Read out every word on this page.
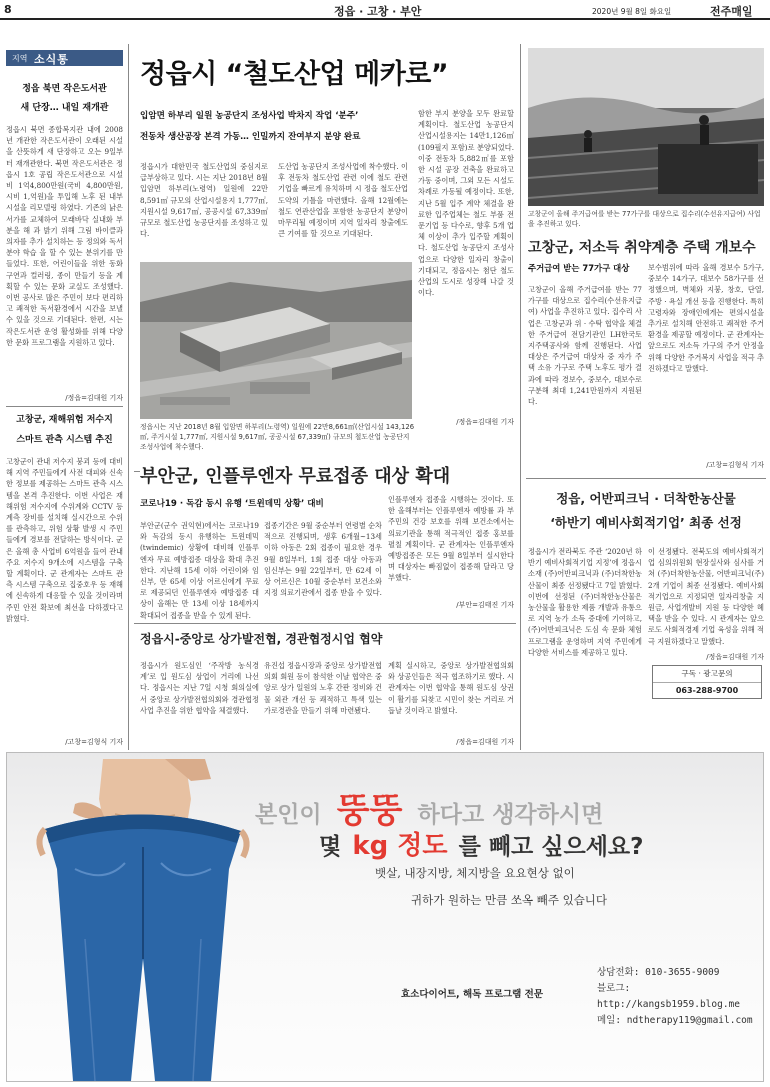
8	정읍 · 고창 · 부안	2020년 9월 8일 화요일	전주매일
지역 소식통
정읍 북면 작은도서관
새 단장… 내일 재개관
정읍시 북면 종합복지관 내에 2008년 개관한 작은도서관이 오래된 시설을 산뜻하게 새 단장하고 오는 9일부터 재개관한다. 북면 작은도서관은 정읍시 1호 공립 작은도서관으로 시설비 1억4,800만원(국비 4,800만원, 시비 1,억원)을 투입해 노후 된 내부시설을 리모델링 하였다. 기존의 낡은 서가를 교체하여 모래바닥 실내화 부분을 해 과 밝기 위해 그림 바이클과 의자를 추가 설치하는 등 정의와 독서 분야 학습 을 할 수 있는 분위기를 만들었다. 또한, 어린이들을 위한 동화구연과 컬러링, 종이 만들기 등을 계획할 수 있는 문화 교실도 조성했다. 이번 공사로 많은 주민이 보다 편리하고 쾌적한 독서환경에서 시간을 보낼 수 있을 것으로 기대된다. 한편, 시는 작은도서관 운영 활성화를 위해 다양한 문화 프로그램을 지원하고 있다.
/정읍=김대원 기자
고창군, 재해위험 저수지
스마트 관측 시스템 추진
고창군이 관내 저수지 붕괴 등에 대비해 지역 주민들에게 사전 대피와 신속한 정보를 제공하는 스마트 관측 시스템을 본격 추진한다. 이번 사업은 재해위험 저수지에 수위계와 CCTV 등 계측 장비를 설치해 실시간으로 수위를 관측하고, 위험 상황 발생 시 주민들에게 경보를 전달하는 방식이다. 군은 올해 총 사업비 6억원을 들여 관내 주요 저수지 9개소에 시스템을 구축할 계획이다. 군 관계자는 스마트 관측 시스템 구축으로 집중호우 등 재해에 신속하게 대응할 수 있을 것이라며 주민 안전 확보에 최선을 다하겠다고 밝혔다.
/고창=김형식 기자
정읍시 “철도산업 메카로”
입암면 하부리 일원 농공단지 조성사업 박차지 작업 ‘분주’
전동차 생산공장 본격 가동… 인밀까지 잔여부지 분양 완료
정읍시가 대한민국 철도산업의 중심지로 급부상하고 있다. 시는 지난 2018년 8월 입암면 하부리(노령역) 일원에 22만8,591㎡ 규모의 산업시설용지 1,777㎡, 지원시설 9,617㎡, 공공시설 67,339㎡ 규모로 철도산업 농공단지를 조성하고 있다.
도산업 농공단지 조성사업에 착수했다. 이후 전동차 철도산업 관련 이에 철도 관련 기업을 빠르게 유치하며 시 정읍 철도산업 도약의 기틀을 마련했다. 올해 12월에는 철도 연관산업을 포함한 농공단지 분양이 마무리될 예정이며 지역 일자리 창출에도 큰 기여를 할 것으로 기대된다.
함한 부지 분양을 모두 완료할 계획이다. 철도산업 농공단지 산업시설용지는 14만1,126㎡(109필지 포함)로 분양되었다. 이중 전동차 5,882㎡를 포함 한 시설 공장 건축을 완료하고 가동 중이며, 그외 모든 시설도 차례로 가동될 예정이다. 또한, 지난 5월 입주 계약 체결을 완료한 입주업체는 철도 부품 전문기업 등 다수로, 향후 5개 업체 이상이 추가 입주할 계획이다. 철도산업 농공단지 조성사업으로 다양한 일자리 창출이 기대되고, 정읍시는 첨단 철도산업의 도시로 성장해 나갈 것이다.
/정읍=김대원 기자
정읍시는 지난 2018년 8월 입암면 하부리(노령역) 일원에 22만8,661㎡(산업시설 143,126㎡, 주거시설 1,777㎡, 지원시설 9,617㎡, 공공시설 67,339㎡) 규모의 철도산업 농공단지 조성사업에 착수했다.
부안군, 인플루엔자 무료접종 대상 확대
코로나19 · 독감 동시 유행 ‘트윈데믹 상황’ 대비
부안군(군수 권익현)에서는 코로나19와 독감의 동시 유행하는 트윈데믹(twindemic) 상황에 대비해 인플루엔자 무료 예방접종 대상을 확대 추진한다. 지난해 15세 이하 어린이와 임신부, 만 65세 이상 어르신에게 무료로 제공되던 인플루엔자 예방접종 대상이 올해는 만 13세 이상 18세까지 확대되어 접종을 받을 수 있게 된다.
접종기간은 9월 중순부터 연령별 순차적으로 진행되며, 생후 6개월~13세 이하 아동은 2회 접종이 필요한 경우 9월 8일부터, 1회 접종 대상 아동과 임신부는 9월 22일부터, 만 62세 이상 어르신은 10월 중순부터 보건소와 지정 의료기관에서 접종 받을 수 있다.
인플루엔자 접종을 시행하는 것이다. 또한 올해부터는 인플루엔자 예방률 과 부 주민의 건강 보호를 위해 보건소에서는 의료기관을 통해 적극적인 접종 홍보를 펼칠 계획이다. 군 관계자는 인플루엔자 예방접종은 모든 9월 8일부터 실시한다며 대상자는 빠짐없이 접종해 달라고 당부했다.
/부안=김태진 기자
정읍시-중앙로 상가발전협, 경관협정시업 협약
정읍시가 원도심인 ‘주작방 농식경계’로 입 원도심 상업이 거리에 나선다. 정읍시는 지난 7일 시청 회의실에서 중앙로 상가발전협의회와 경관협정사업 추진을 위한 협약을 체결했다.
유진섭 정읍시장과 중앙로 상가발전협의회 회원 등이 참석한 이날 협약은 중앙로 상가 일원의 노후 간판 정비와 건물 외관 개선 등 쾌적하고 특색 있는 가로경관을 만들기 위해 마련됐다.
계획 실시하고, 중앙로 상가발전협의회와 상공인들은 적극 협조하기로 했다. 시 관계자는 이번 협약을 통해 원도심 상권이 활기를 되찾고 시민이 찾는 거리로 거듭날 것이라고 밝혔다.
/정읍=김대원 기자
고창군이 올해 주거급여를 받는 77가구를 대상으로 집수리(수선유지급여) 사업을 추진하고 있다.
고창군, 저소득 취약계층 주택 개보수
주거급여 받는 77가구 대상
고창군이 올해 주거급여를 받는 77가구를 대상으로 집수리(수선유지급여) 사업을 추진하고 있다. 집수리 사업은 고창군과 위 · 수탁 협약을 체결한 주거급여 전담기관인 LH한국토지주택공사와 함께 진행된다. 사업 대상은 주거급여 대상자 중 자가 주택 소유 가구로 주택 노후도 평가 결과에 따라 경보수, 중보수, 대보수로 구분해 최대 1,241만원까지 지원된다.
보수범위에 따라 올해 경보수 5가구, 중보수 14가구, 대보수 58가구를 선정했으며, 벽체와 지붕, 창호, 단열, 주방 · 욕실 개선 등을 진행한다. 특히 고령자와 장애인에게는 편의시설을 추가로 설치해 안전하고 쾌적한 주거환경을 제공할 예정이다. 군 관계자는 앞으로도 저소득 가구의 주거 안정을 위해 다양한 주거복지 사업을 적극 추진하겠다고 말했다.
/고창=김형식 기자
정읍, 어반피크닉 · 더착한농산물
‘하반기 예비사회적기업’ 최종 선정
정읍시가 전라북도 주관 ‘2020년 하반기 예비사회적기업 지정’에 정읍시 소재 (주)어반피크닉과 (주)더착한농산물이 최종 선정됐다고 7일 밝혔다. 이번에 선정된 (주)더착한농산물은 농산물을 활용한 제품 개발과 유통으로 지역 농가 소득 증대에 기여하고, (주)어반피크닉은 도심 속 문화 체험 프로그램을 운영하며 지역 주민에게 다양한 서비스를 제공하고 있다.
이 선정됐다. 전북도의 예비사회적기업 심의위원회 현장실사와 심사를 거쳐 (주)더착한농산물, 어반피크닉(주) 2개 기업이 최종 선정됐다. 예비사회적기업으로 지정되면 일자리창출 지원금, 사업개발비 지원 등 다양한 혜택을 받을 수 있다. 시 관계자는 앞으로도 사회적경제 기업 육성을 위해 적극 지원하겠다고 말했다.
/정읍=김대원 기자
구독 · 광고문의
063-288-9700
본인이 뚱뚱 하다고 생각하시면
몇 kg 정도 를 빼고 싶으세요?
뱃살, 내장지방, 체지방을 요요현상 없이
귀하가 원하는 만큼 쏘옥 빼주 있습니다
효소다이어트, 해독 프로그램 전문
상담전화: 010-3655-9009
블로그: http://kangsb1959.blog.me
메일: ndtherapy119@gmail.com
